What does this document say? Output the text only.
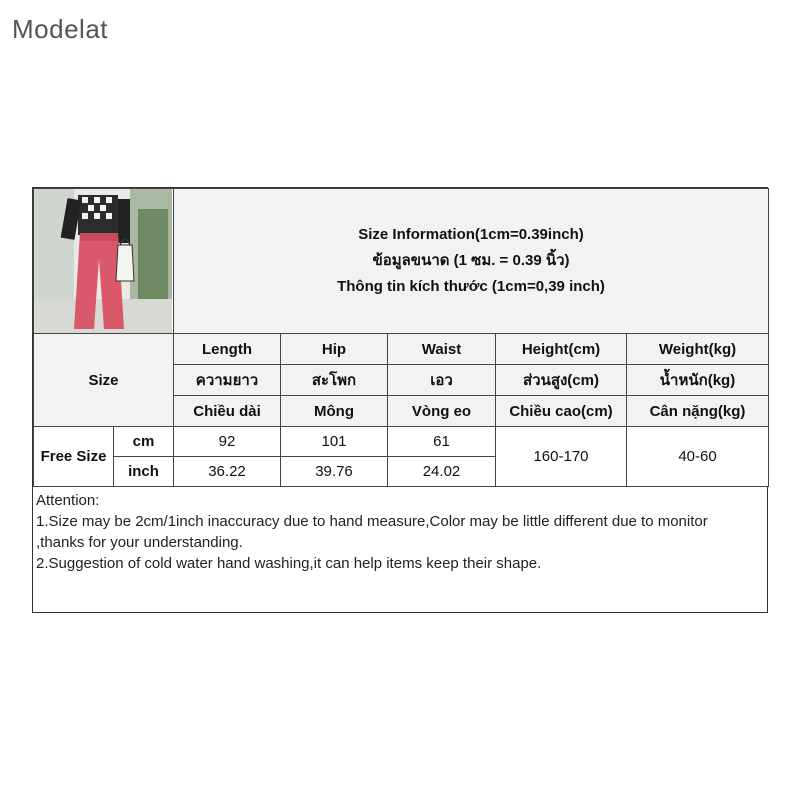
Modelat

Size Information(1cm=0.39inch)
ข้อมูลขนาด (1 ซม. = 0.39 นิ้ว)
Thông tin kích thước (1cm=0,39 inch)				

Size		Length	Hip	Waist	Height(cm)	Weight(kg)
		ความยาว	สะโพก	เอว	ส่วนสูง(cm)	น้ำหนัก(kg)
		Chiều dài	Mông	Vòng eo	Chiều cao(cm)	Cân nặng(kg)
Free Size	cm	92	101	61	160-170	40-60
	inch	36.22	39.76	24.02		
Attention:
1.Size may be 2cm/1inch inaccuracy due to hand measure,Color may be little different due to monitor
,thanks for your understanding.
2.Suggestion of cold water hand washing,it can help items keep their shape.
